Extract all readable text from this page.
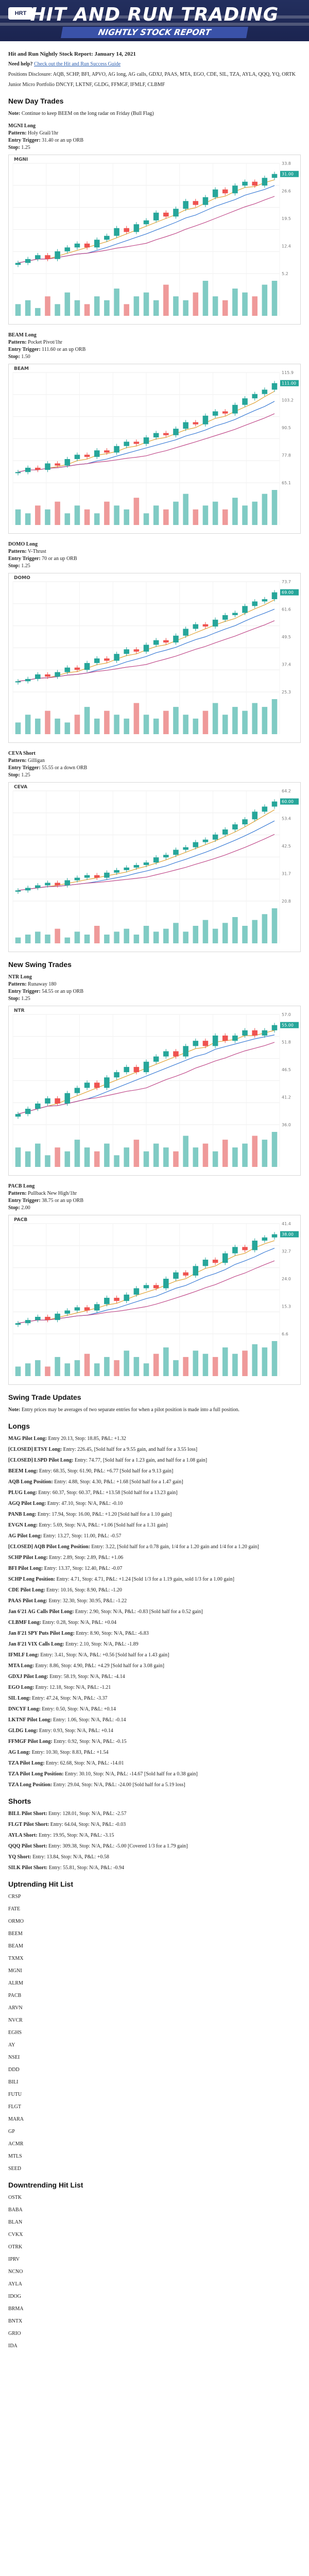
HRT HIT AND RUN TRADING
NIGHTLY STOCK REPORT
Hit and Run Nightly Stock Report: January 14, 2021
Need help? Check out the Hit and Run Success Guide
Positions Disclosure: AQB, SCHP, BFI, APVO, AG long, AG calls, GDXJ, PAAS, MTA, EGO, CDE, SIL, TZA, AYLA, QQQ, YQ, ORTK
Junior Micro Portfolio DNCYF, LKTNF, GLDG, FFMGF, IFMLF, CLBMF
New Day Trades
Note: Continue to keep BEEM on the long radar on Friday (Bull Flag)
MGNI Long
Pattern: Holy Grail/1hr
Entry Trigger: 31.40 or an up ORB
Stop: 1.25
5.2
12.4
19.5
26.6
33.8
MGNI
31.00
BEAM Long
Pattern: Pocket Pivot/1hr
Entry Trigger: 111.60 or an up ORB
Stop: 1.50
65.1
77.8
90.5
103.2
115.9
BEAM
111.00
DOMO Long
Pattern: V-Thrust
Entry Trigger: 70 or an up ORB
Stop: 1.25
25.3
37.4
49.5
61.6
73.7
DOMO
69.00
CEVA Short
Pattern: Gilligan
Entry Trigger: 55.55 or a down ORB
Stop: 1.25
20.8
31.7
42.5
53.4
64.2
CEVA
60.00
New Swing Trades
NTR Long
Pattern: Runaway 180
Entry Trigger: 54.55 or an up ORB
Stop: 1.25
36.0
41.2
46.5
51.8
57.0
NTR
55.00
PACB Long
Pattern: Pullback New High/1hr
Entry Trigger: 38.75 or an up ORB
Stop: 2.00
6.6
15.3
24.0
32.7
41.4
PACB
38.00
Swing Trade Updates
Note: Entry prices may be averages of two separate entries for when a pilot position is made into a full position.
Longs
MAG Pilot Long: Entry 20.13, Stop: 18.85, P&L: +1.32
[CLOSED] ETSY Long: Entry: 226.45, [Sold half for a 9.55 gain, and half for a 3.55 loss]
[CLOSED] LSPD Pilot Long: Entry: 74.77, [Sold half for a 1.23 gain, and half for a 1.08 gain]
BEEM Long: Entry: 68.35, Stop: 61.90, P&L: +6.77 [Sold half for a 9.13 gain]
AQB Long Position: Entry: 4.88, Stop: 4.30, P&L: +1.68 [Sold half for a 1.47 gain]
PLUG Long: Entry: 60.37, Stop: 60.37, P&L: +13.58 [Sold half for a 13.23 gain]
AGQ Pilot Long: Entry: 47.10, Stop: N/A, P&L: -0.10
PANB Long: Entry: 17.94, Stop: 16.00, P&L: +1.20 [Sold half for a 1.10 gain]
EVGN Long: Entry: 5.69, Stop: N/A, P&L: +1.06 [Sold half for a 1.31 gain]
AG Pilot Long: Entry: 13.27, Stop: 11.00, P&L: -0.57
[CLOSED] AQB Pilot Long Position: Entry: 3.22, [Sold half for a 0.78 gain, 1/4 for a 1.20 gain and 1/4 for a 1.20 gain]
SCHP Pilot Long: Entry: 2.89, Stop: 2.89, P&L: +1.06
BFI Pilot Long: Entry: 13.37, Stop: 12.40, P&L: -0.07
SCHP Long Position: Entry: 4.71, Stop: 4.71, P&L: +1.24 [Sold 1/3 for a 1.19 gain, sold 1/3 for a 1.00 gain]
CDE Pilot Long: Entry: 10.16, Stop: 8.90, P&L: -1.20
PAAS Pilot Long: Entry: 32.30, Stop: 30.95, P&L: -1.22
Jan 6'21 AG Calls Pilot Long: Entry: 2.90, Stop: N/A, P&L: -0.83 [Sold half for a 0.52 gain]
CLBMF Long: Entry: 0.28, Stop: N/A, P&L: +0.04
Jan 8'21 SPY Puts Pilot Long: Entry: 8.90, Stop: N/A, P&L: -6.83
Jan 8'21 VIX Calls Long: Entry: 2.10, Stop: N/A, P&L: -1.89
IFMLF Long: Entry: 3.41, Stop: N/A, P&L: +0.56 [Sold half for a 1.43 gain]
MTA Long: Entry: 8.86, Stop: 4.90, P&L: +4.29 [Sold half for a 3.08 gain]
GDXJ Pilot Long: Entry: 58.19, Stop: N/A, P&L: -4.14
EGO Long: Entry: 12.18, Stop: N/A, P&L: -1.21
SIL Long: Entry: 47.24, Stop: N/A, P&L: -3.37
DNCYF Long: Entry: 0.50, Stop: N/A, P&L: +0.14
LKTNF Pilot Long: Entry: 1.06, Stop: N/A, P&L: -0.14
GLDG Long: Entry: 0.93, Stop: N/A, P&L: +0.14
FFMGF Pilot Long: Entry: 0.92, Stop: N/A, P&L: -0.15
AG Long: Entry: 10.30, Stop: 8.83, P&L: +1.54
TZA Pilot Long: Entry: 62.68, Stop: N/A, P&L: -14.01
TZA Pilot Long Position: Entry: 30.10, Stop: N/A, P&L: -14.67 [Sold half for a 0.38 gain]
TZA Long Position: Entry: 29.04, Stop: N/A, P&L: -24.00 [Sold half for a 5.19 loss]
Shorts
BILL Pilot Short: Entry: 128.01, Stop: N/A, P&L: -2.57
FLGT Pilot Short: Entry: 64.04, Stop: N/A, P&L: -0.03
AYLA Short: Entry: 19.95, Stop: N/A, P&L: -3.15
QQQ Pilot Short: Entry: 309.38, Stop: N/A, P&L: -5.00 [Covered 1/3 for a 1.79 gain]
YQ Short: Entry: 13.84, Stop: N/A, P&L: +0.58
SILK Pilot Short: Entry: 55.81, Stop: N/A, P&L: -0.94
Uptrending Hit List
CRSP
FATE
ORMO
BEEM
BEAM
TXMX
MGNI
ALRM
PACB
ARVN
NVCR
EGHS
AY
NSEI
DDD
BILI
FUTU
FLGT
MARA
GP
ACMR
MTLS
SEED
Downtrending Hit List
OSTK
BABA
BLAN
CVKX
OTRK
IPRV
NCNO
AYLA
IDOG
BRMA
BNTX
GRIO
IDA
